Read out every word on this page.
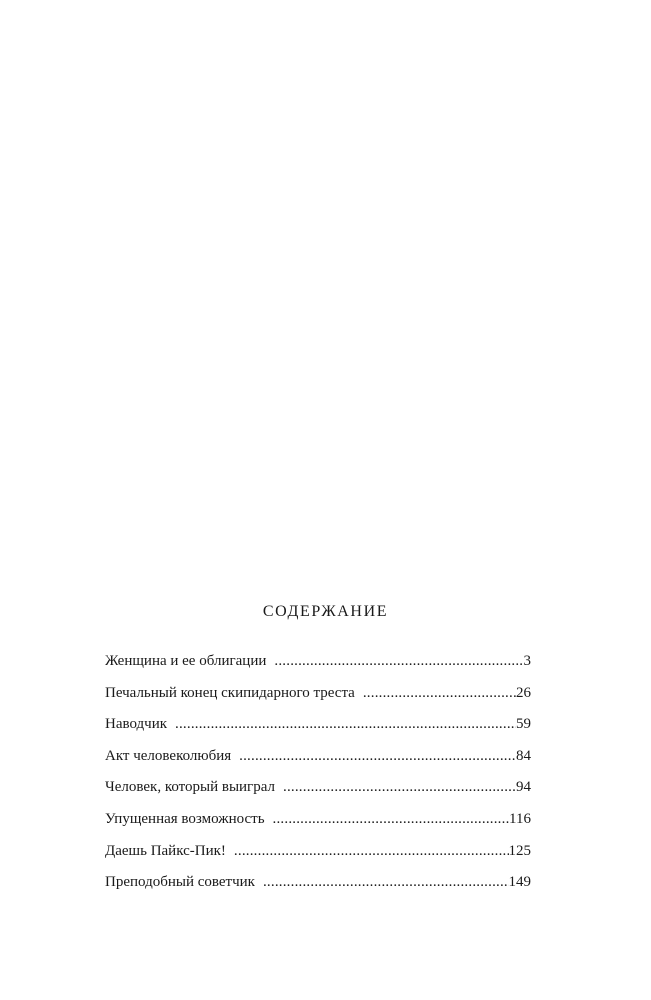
СОДЕРЖАНИЕ
Женщина и ее облигации .....	3
Печальный конец скипидарного треста .....	26
Наводчик .....	59
Акт человеколюбия .....	84
Человек, который выиграл .....	94
Упущенная возможность .....	116
Даешь Пайкс-Пик! .....	125
Преподобный советчик .....	149
